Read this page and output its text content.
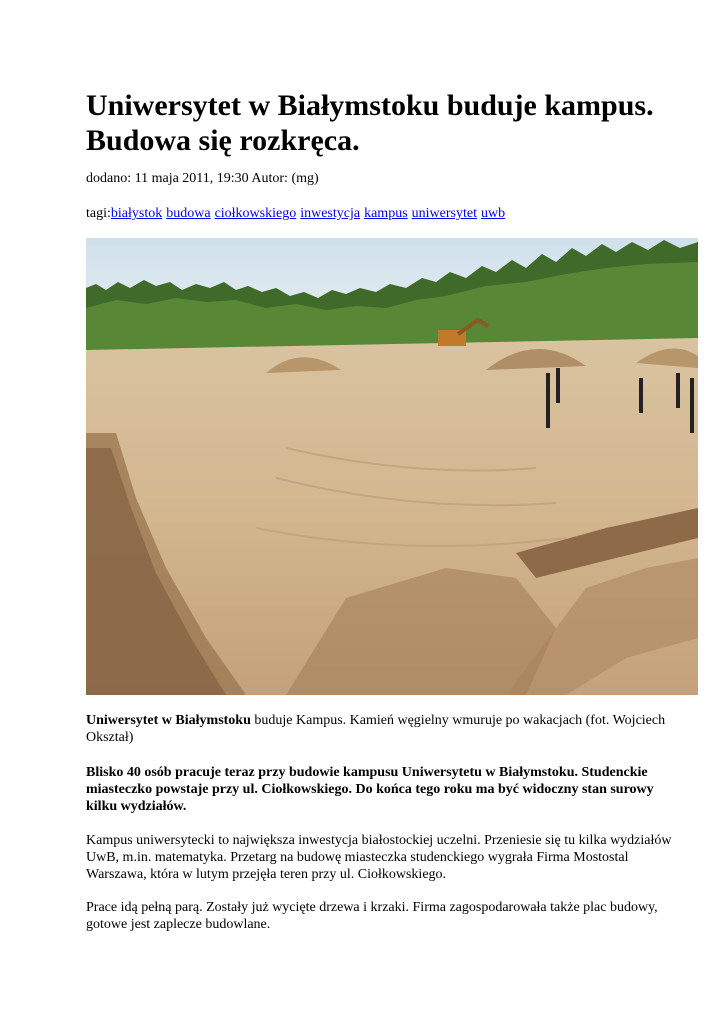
Uniwersytet w Białymstoku buduje kampus. Budowa się rozkręca.
dodano: 11 maja 2011, 19:30 Autor: (mg)
tagi:białystok budowa ciołkowskiego inwestycja kampus uniwersytet uwb
Uniwersytet w Białymstoku buduje Kampus. Kamień węgielny wmuruje po wakacjach (fot. Wojciech Okształ)
Blisko 40 osób pracuje teraz przy budowie kampusu Uniwersytetu w Białymstoku. Studenckie miasteczko powstaje przy ul. Ciołkowskiego. Do końca tego roku ma być widoczny stan surowy kilku wydziałów.
Kampus uniwersytecki to największa inwestycja białostockiej uczelni. Przeniesie się tu kilka wydziałów UwB, m.in. matematyka. Przetarg na budowę miasteczka studenckiego wygrała Firma Mostostal Warszawa, która w lutym przejęła teren przy ul. Ciołkowskiego.
Prace idą pełną parą. Zostały już wycięte drzewa i krzaki. Firma zagospodarowała także plac budowy, gotowe jest zaplecze budowlane.
